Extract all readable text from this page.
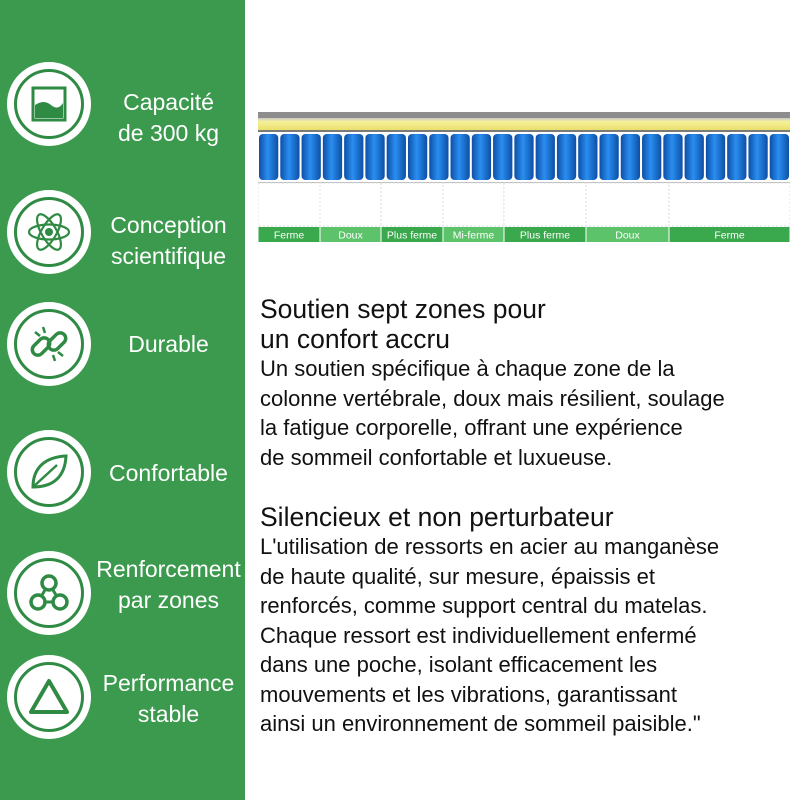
Capacité
de 300 kg
Conception
scientifique
Durable
Confortable
Renforcement
par zones
Performance
stable
Ferme	Doux Plus ferme Mi-ferme Plus ferme	Doux	Ferme
Soutien sept zones pour
un confort accru
Un soutien spécifique à chaque zone de la
colonne vertébrale, doux mais résilient, soulage
la fatigue corporelle, offrant une expérience
de sommeil confortable et luxueuse.
Silencieux et non perturbateur
L'utilisation de ressorts en acier au manganèse
de haute qualité, sur mesure, épaissis et
renforcés, comme support central du matelas.
Chaque ressort est individuellement enfermé
dans une poche, isolant efficacement les
mouvements et les vibrations, garantissant
ainsi un environnement de sommeil paisible."
